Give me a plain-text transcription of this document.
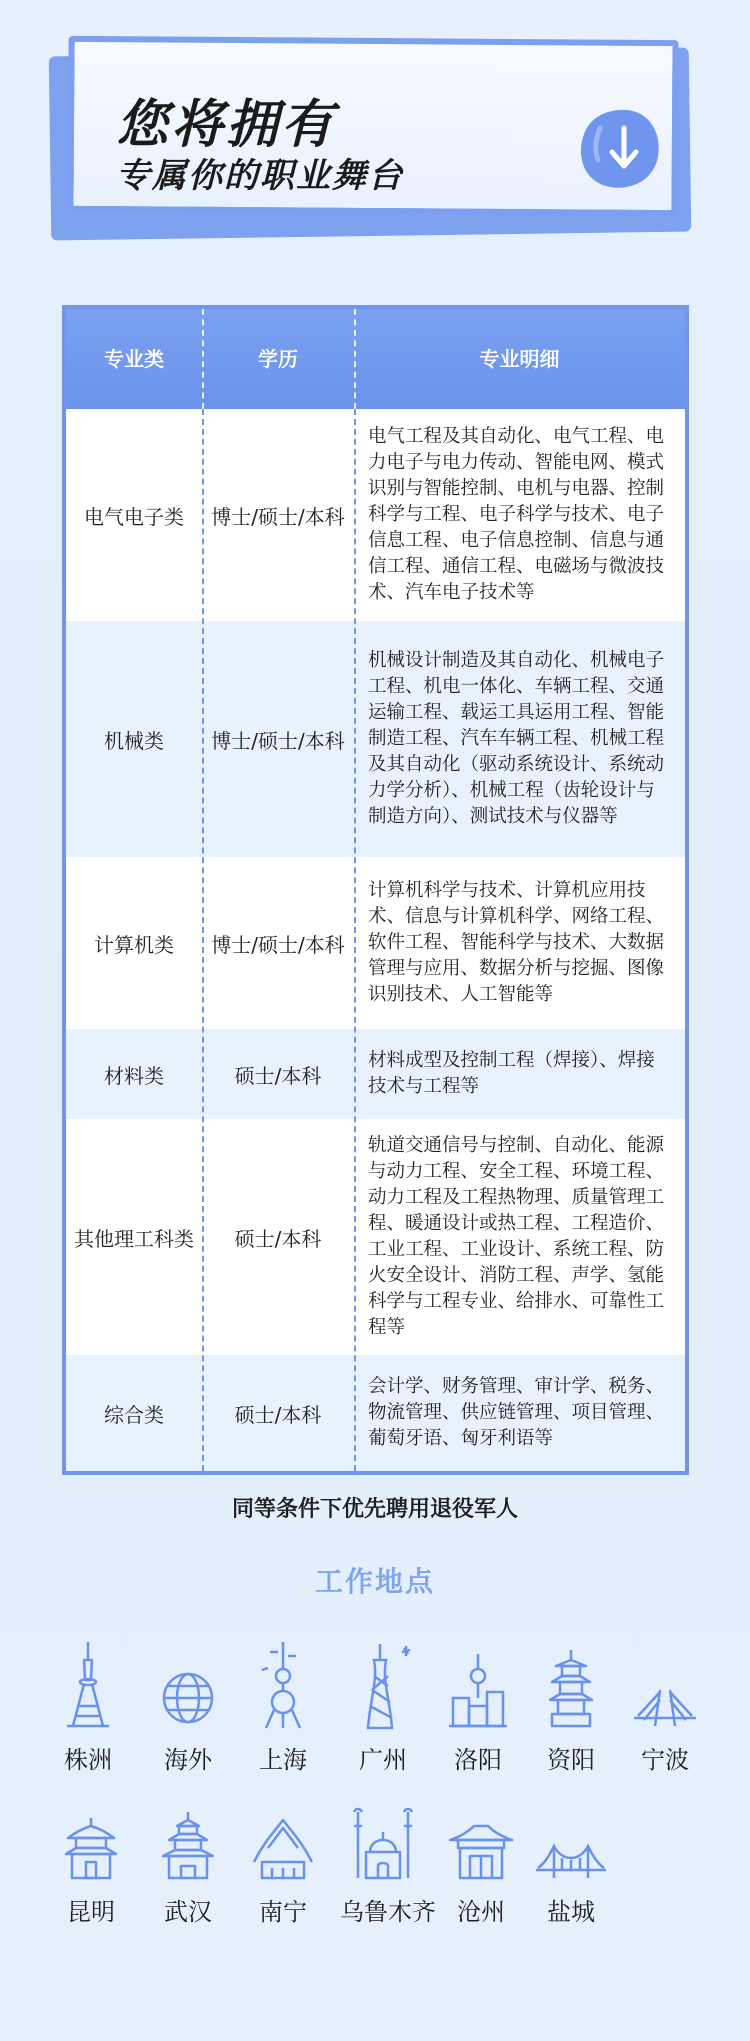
您将拥有
专属你的职业舞台
专业类	学历	专业明细
电气电子类	博士/硕士/本科
电气工程及其自动化、电气工程、电力电子与电力传动、智能电网、模式识别与智能控制、电机与电器、控制科学与工程、电子科学与技术、电子信息工程、电子信息控制、信息与通信工程、通信工程、电磁场与微波技术、汽车电子技术等
机械类	博士/硕士/本科
机械设计制造及其自动化、机械电子工程、机电一体化、车辆工程、交通运输工程、载运工具运用工程、智能制造工程、汽车车辆工程、机械工程及其自动化（驱动系统设计、系统动力学分析）、机械工程（齿轮设计与制造方向）、测试技术与仪器等
计算机类	博士/硕士/本科
计算机科学与技术、计算机应用技术、信息与计算机科学、网络工程、软件工程、智能科学与技术、大数据管理与应用、数据分析与挖掘、图像识别技术、人工智能等
材料类	硕士/本科
材料成型及控制工程（焊接）、焊接技术与工程等
其他理工科类	硕士/本科
轨道交通信号与控制、自动化、能源与动力工程、安全工程、环境工程、动力工程及工程热物理、质量管理工程、暖通设计或热工程、工程造价、工业工程、工业设计、系统工程、防火安全设计、消防工程、声学、氢能科学与工程专业、给排水、可靠性工程等
综合类	硕士/本科
会计学、财务管理、审计学、税务、物流管理、供应链管理、项目管理、葡萄牙语、匈牙利语等
同等条件下优先聘用退役军人
工作地点
株洲	海外	上海	广州	洛阳	资阳	宁波
昆明	武汉	南宁	乌鲁木齐 沧州	盐城
